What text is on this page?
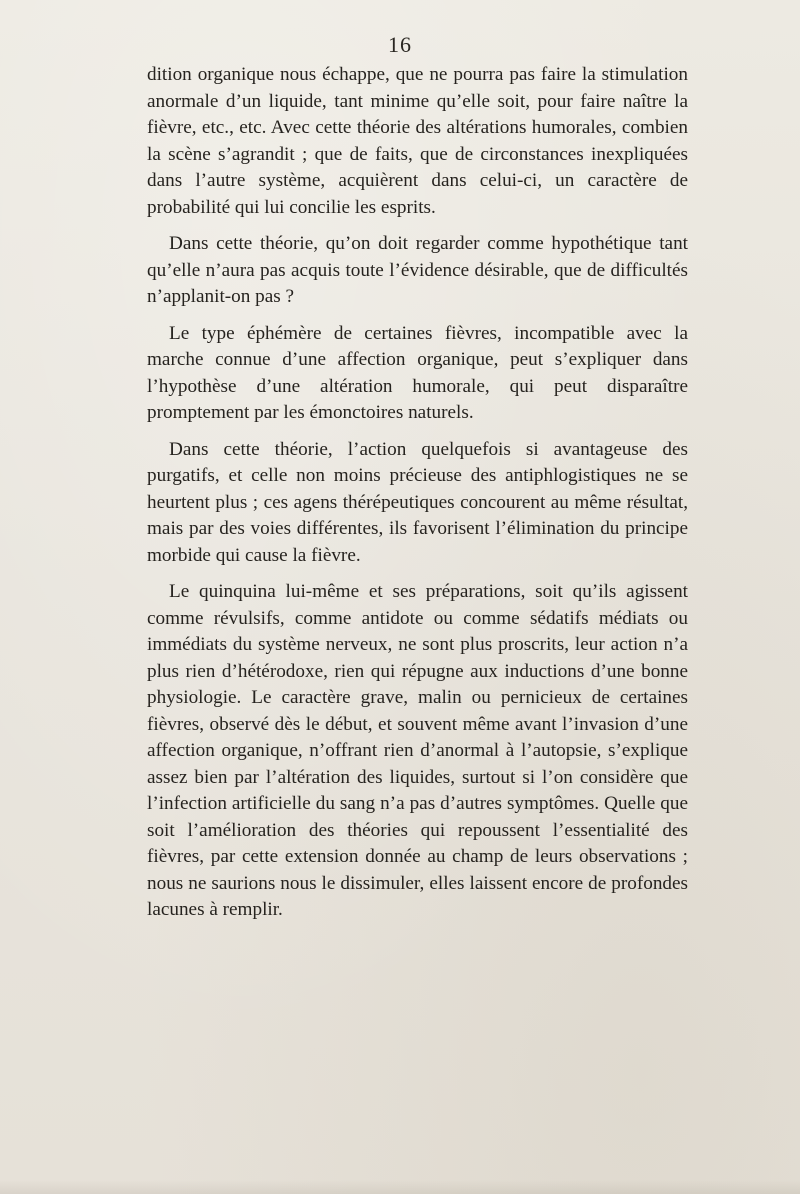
16

dition organique nous échappe, que ne pourra pas faire la stimulation anormale d’un liquide, tant minime qu’elle soit, pour faire naître la fièvre, etc., etc. Avec cette théorie des altérations humorales, combien la scène s’agrandit ; que de faits, que de circonstances inexpliquées dans l’autre système, acquièrent dans celui-ci, un caractère de probabilité qui lui concilie les esprits.

Dans cette théorie, qu’on doit regarder comme hypothétique tant qu’elle n’aura pas acquis toute l’évidence désirable, que de difficultés n’applanit-on pas ?

Le type éphémère de certaines fièvres, incompatible avec la marche connue d’une affection organique, peut s’expliquer dans l’hypothèse d’une altération humorale, qui peut disparaître promptement par les émonctoires naturels.

Dans cette théorie, l’action quelquefois si avantageuse des purgatifs, et celle non moins précieuse des antiphlogistiques ne se heurtent plus ; ces agens thérépeutiques concourent au même résultat, mais par des voies différentes, ils favorisent l’élimination du principe morbide qui cause la fièvre.

Le quinquina lui-même et ses préparations, soit qu’ils agissent comme révulsifs, comme antidote ou comme sédatifs médiats ou immédiats du système nerveux, ne sont plus proscrits, leur action n’a plus rien d’hétérodoxe, rien qui répugne aux inductions d’une bonne physiologie. Le caractère grave, malin ou pernicieux de certaines fièvres, observé dès le début, et souvent même avant l’invasion d’une affection organique, n’offrant rien d’anormal à l’autopsie, s’explique assez bien par l’altération des liquides, surtout si l’on considère que l’infection artificielle du sang n’a pas d’autres symptômes. Quelle que soit l’amélioration des théories qui repoussent l’essentialité des fièvres, par cette extension donnée au champ de leurs observations ; nous ne saurions nous le dissimuler, elles laissent encore de profondes lacunes à remplir.
